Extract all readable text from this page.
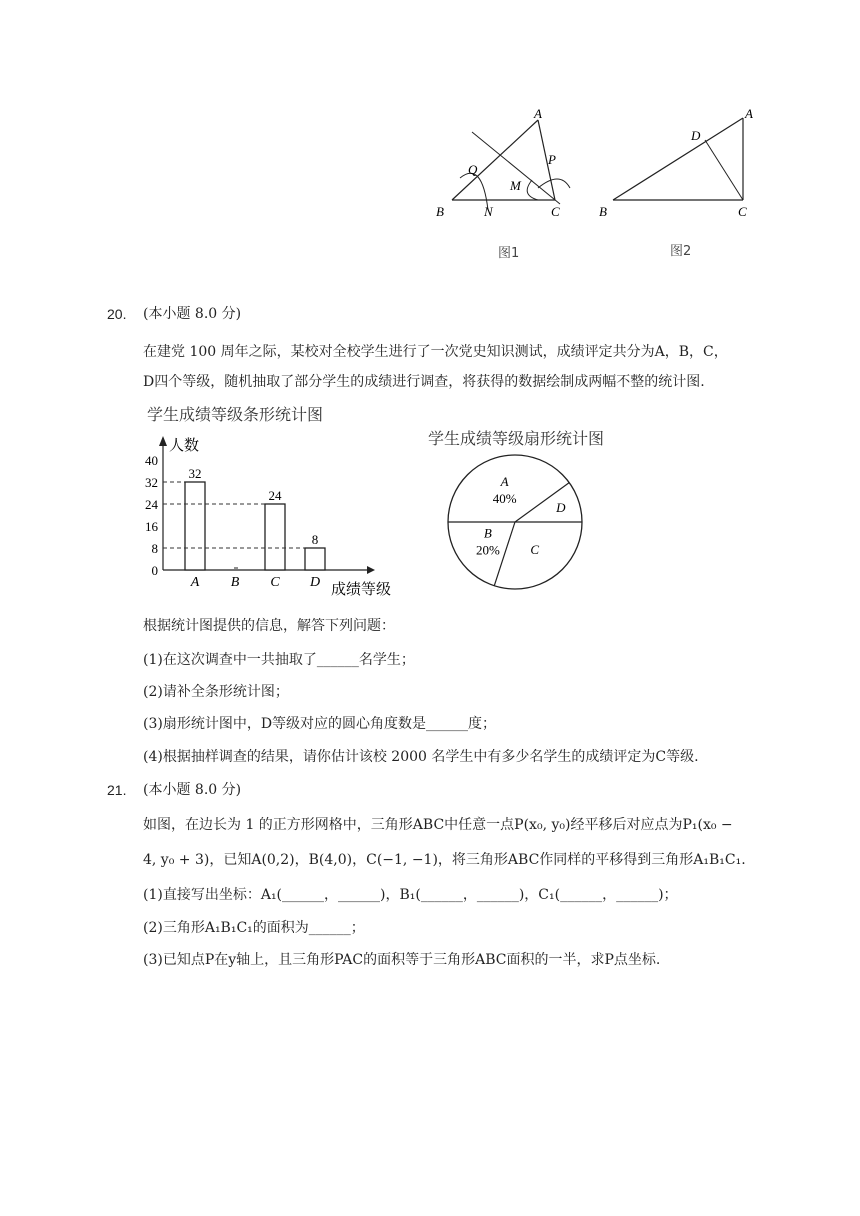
A
B	C
Q
P
M
N
图1
A
B	C
D
图2
20. (本小题 8.0 分)
在建党 100 周年之际，某校对全校学生进行了一次党史知识测试，成绩评定共分为A，B，C，
D四个等级，随机抽取了部分学生的成绩进行调查，将获得的数据绘制成两幅不整的统计图.
学生成绩等级条形统计图
学生成绩等级扇形统计图
人数
成绩等级
0
8
16
24
32
40
32
A B
24
C
8
D
A
40%
D
C
B
20%
根据统计图提供的信息，解答下列问题：
(1)在这次调查中一共抽取了______名学生；
(2)请补全条形统计图；
(3)扇形统计图中，D等级对应的圆心角度数是______度；
(4)根据抽样调查的结果，请你估计该校 2000 名学生中有多少名学生的成绩评定为C等级.
21. (本小题 8.0 分)
如图，在边长为 1 的正方形网格中，三角形ABC中任意一点P(x₀, y₀)经平移后对应点为P₁(x₀ −
4, y₀ + 3)，已知A(0,2)，B(4,0)，C(−1, −1)，将三角形ABC作同样的平移得到三角形A₁B₁C₁.
(1)直接写出坐标：A₁(______，______)，B₁(______，______)，C₁(______，______)；
(2)三角形A₁B₁C₁的面积为______；
(3)已知点P在y轴上，且三角形PAC的面积等于三角形ABC面积的一半，求P点坐标.
